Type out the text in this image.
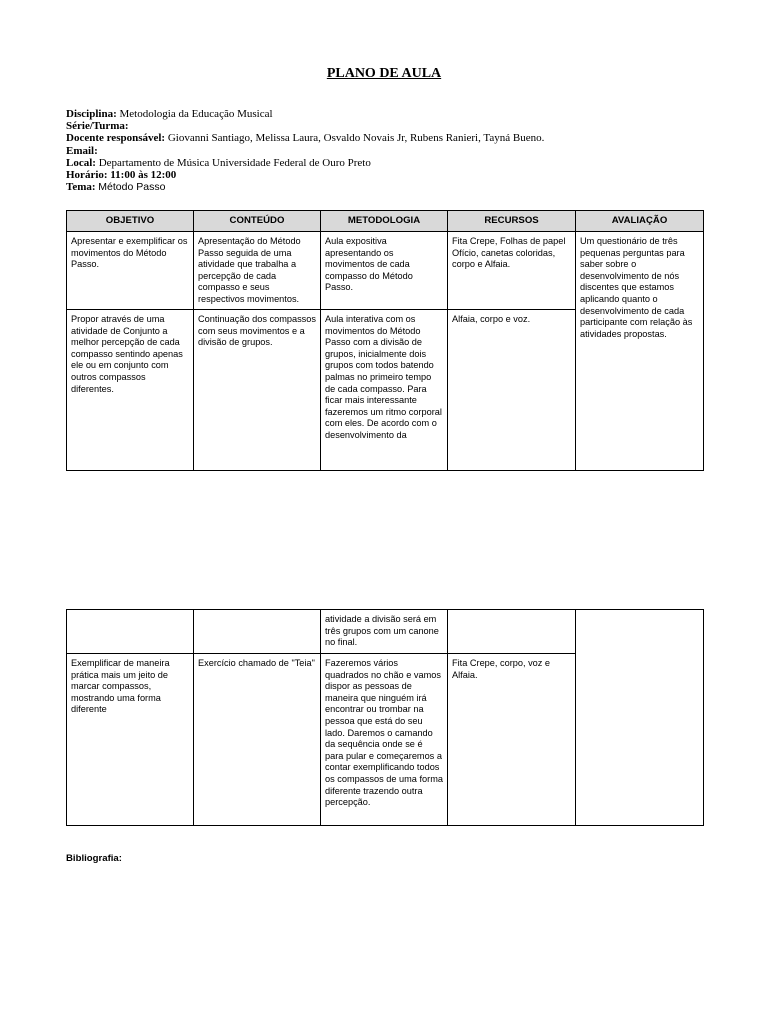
PLANO DE AULA
Disciplina: Metodologia da Educação Musical
Série/Turma:
Docente responsável: Giovanni Santiago, Melissa Laura, Osvaldo Novais Jr, Rubens Ranieri, Tayná Bueno.
Email:
Local: Departamento de Música Universidade Federal de Ouro Preto
Horário: 11:00 às 12:00
Tema: Método Passo
OBJETIVO	CONTEÚDO	METODOLOGIA	RECURSOS	AVALIAÇÃO
Apresentar e exemplificar os movimentos do Método Passo.	Apresentação do Método Passo seguida de uma atividade que trabalha a percepção de cada compasso e seus respectivos movimentos.	Aula expositiva apresentando os movimentos de cada compasso do Método Passo.	Fita Crepe, Folhas de papel Ofício, canetas coloridas, corpo e Alfaia.	Um questionário de três pequenas perguntas para saber sobre o desenvolvimento de nós discentes que estamos aplicando quanto o desenvolvimento de cada participante com relação às atividades propostas.
Propor através de uma atividade de Conjunto a melhor percepção de cada compasso sentindo apenas ele ou em conjunto com outros compassos diferentes.	Continuação dos compassos com seus movimentos e a divisão de grupos.	Aula interativa com os movimentos do Método Passo com a divisão de grupos, inicialmente dois grupos com todos batendo palmas no primeiro tempo de cada compasso. Para ficar mais interessante fazeremos um ritmo corporal com eles. De acordo com o desenvolvimento da	Alfaia, corpo e voz.	
		atividade a divisão será em três grupos com um canone no final.		
Exemplificar de maneira prática mais um jeito de marcar compassos, mostrando uma forma diferente	Exercício chamado de "Teia"	Fazeremos vários quadrados no chão e vamos dispor as pessoas de maneira que ninguém irá encontrar ou trombar na pessoa que está do seu lado. Daremos o camando da sequência onde se é para pular e começaremos a contar exemplificando todos os compassos de uma forma diferente trazendo outra percepção.	Fita Crepe, corpo, voz e Alfaia.	
Bibliografia:
